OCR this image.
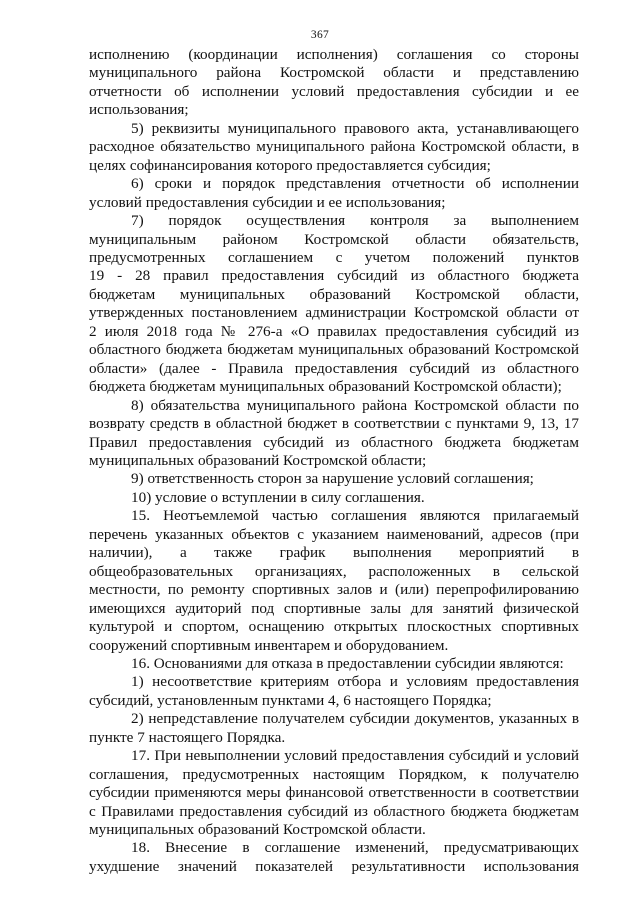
367
исполнению (координации исполнения) соглашения со стороны
муниципального района Костромской области и представлению
отчетности об исполнении условий предоставления субсидии и ее
использования;
5) реквизиты муниципального правового акта, устанавливающего
расходное обязательство муниципального района Костромской области, в
целях софинансирования которого предоставляется субсидия;
6) сроки и порядок представления отчетности об исполнении
условий предоставления субсидии и ее использования;
7) порядок осуществления контроля за выполнением
муниципальным районом Костромской области обязательств,
предусмотренных соглашением с учетом положений пунктов
19 - 28 правил предоставления субсидий из областного бюджета
бюджетам муниципальных образований Костромской области,
утвержденных постановлением администрации Костромской области от
2 июля 2018 года № 276-а «О правилах предоставления субсидий из
областного бюджета бюджетам муниципальных образований Костромской
области» (далее - Правила предоставления субсидий из областного
бюджета бюджетам муниципальных образований Костромской области);
8) обязательства муниципального района Костромской области по
возврату средств в областной бюджет в соответствии с пунктами 9, 13, 17
Правил предоставления субсидий из областного бюджета бюджетам
муниципальных образований Костромской области;
9) ответственность сторон за нарушение условий соглашения;
10) условие о вступлении в силу соглашения.
15. Неотъемлемой частью соглашения являются прилагаемый
перечень указанных объектов с указанием наименований, адресов (при
наличии), а также график выполнения мероприятий в
общеобразовательных организациях, расположенных в сельской
местности, по ремонту спортивных залов и (или) перепрофилированию
имеющихся аудиторий под спортивные залы для занятий физической
культурой и спортом, оснащению открытых плоскостных спортивных
сооружений спортивным инвентарем и оборудованием.
16. Основаниями для отказа в предоставлении субсидии являются:
1) несоответствие критериям отбора и условиям предоставления
субсидий, установленным пунктами 4, 6 настоящего Порядка;
2) непредставление получателем субсидии документов, указанных в
пункте 7 настоящего Порядка.
17. При невыполнении условий предоставления субсидий и условий
соглашения, предусмотренных настоящим Порядком, к получателю
субсидии применяются меры финансовой ответственности в соответствии
с Правилами предоставления субсидий из областного бюджета бюджетам
муниципальных образований Костромской области.
18. Внесение в соглашение изменений, предусматривающих
ухудшение значений показателей результативности использования
